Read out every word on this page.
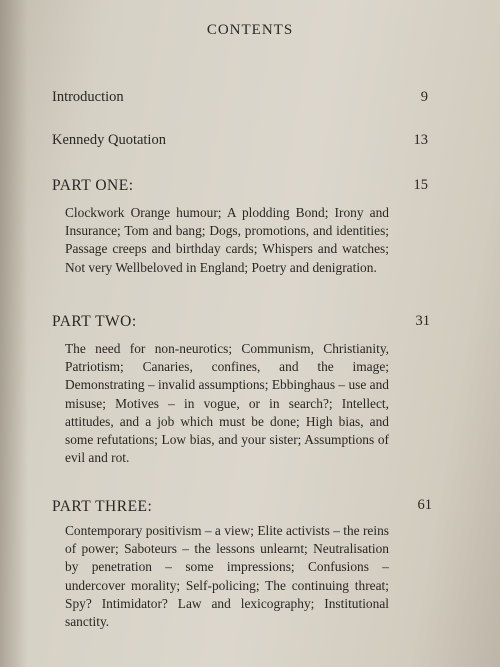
CONTENTS
Introduction	9
Kennedy Quotation	13
PART ONE:	15
Clockwork Orange humour; A plodding Bond; Irony and Insurance; Tom and bang; Dogs, promotions, and identities; Passage creeps and birthday cards; Whispers and watches; Not very Wellbeloved in England; Poetry and denigration.
PART TWO:	31
The need for non-neurotics; Communism, Christianity, Patriotism; Canaries, confines, and the image; Demonstrating – invalid assumptions; Ebbinghaus – use and misuse; Motives – in vogue, or in search?; Intellect, attitudes, and a job which must be done; High bias, and some refutations; Low bias, and your sister; Assumptions of evil and rot.
PART THREE:	61
Contemporary positivism – a view; Elite activists – the reins of power; Saboteurs – the lessons unlearnt; Neutralisation by penetration – some impressions; Confusions – undercover morality; Self-policing; The continuing threat; Spy? Intimidator? Law and lexicography; Institutional sanctity.
